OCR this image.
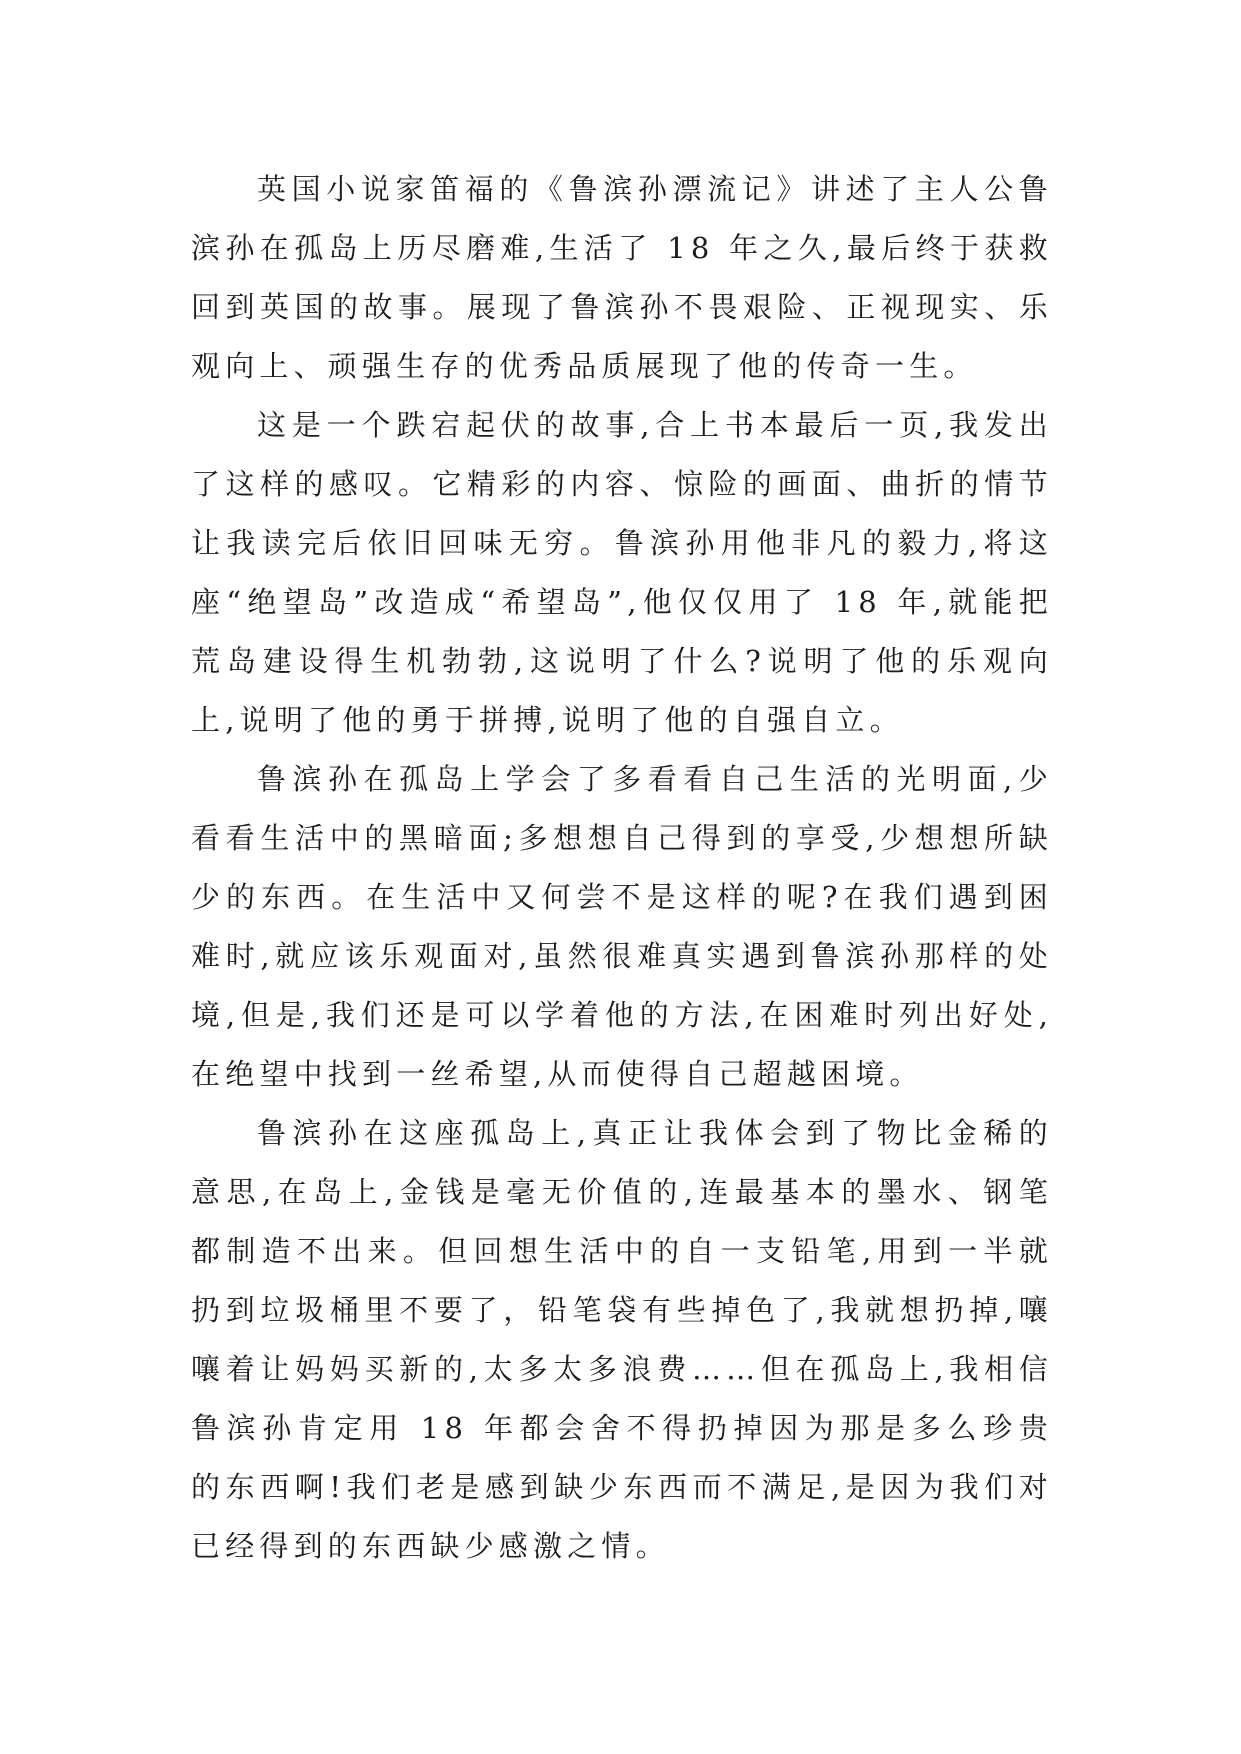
英国小说家笛福的《鲁滨孙漂流记》讲述了主人公鲁滨孙在孤岛上历尽磨难,生活了 18 年之久,最后终于获救回到英国的故事。展现了鲁滨孙不畏艰险、正视现实、乐观向上、顽强生存的优秀品质展现了他的传奇一生。

这是一个跌宕起伏的故事,合上书本最后一页,我发出了这样的感叹。它精彩的内容、惊险的画面、曲折的情节让我读完后依旧回味无穷。鲁滨孙用他非凡的毅力,将这座“绝望岛”改造成“希望岛”,他仅仅用了 18 年,就能把荒岛建设得生机勃勃,这说明了什么?说明了他的乐观向上,说明了他的勇于拼搏,说明了他的自强自立。

鲁滨孙在孤岛上学会了多看看自己生活的光明面,少看看生活中的黑暗面;多想想自己得到的享受,少想想所缺少的东西。在生活中又何尝不是这样的呢?在我们遇到困难时,就应该乐观面对,虽然很难真实遇到鲁滨孙那样的处境,但是,我们还是可以学着他的方法,在困难时列出好处,在绝望中找到一丝希望,从而使得自己超越困境。

鲁滨孙在这座孤岛上,真正让我体会到了物比金稀的意思,在岛上,金钱是毫无价值的,连最基本的墨水、钢笔都制造不出来。但回想生活中的自一支铅笔,用到一半就扔到垃圾桶里不要了，铅笔袋有些掉色了,我就想扔掉,嚷嚷着让妈妈买新的,太多太多浪费……但在孤岛上,我相信鲁滨孙肯定用 18 年都会舍不得扔掉因为那是多么珍贵的东西啊!我们老是感到缺少东西而不满足,是因为我们对已经得到的东西缺少感激之情。
